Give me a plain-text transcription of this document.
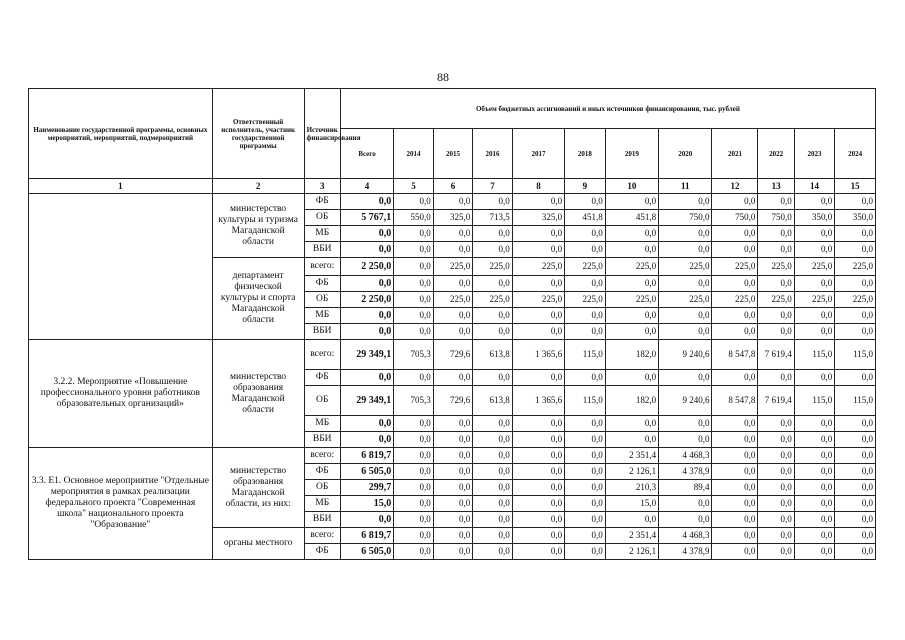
88
Наименование государственной программы, основных мероприятий, мероприятий, подмероприятий	Ответственный исполнитель, участник государственной программы	Источник финансирования	Объем бюджетных ассигнований и иных источников финансирования, тыс. рублей											
			Всего	2014	2015	2016	2017	2018	2019	2020	2021	2022	2023	2024
1	2	3	4	5	6	7	8	9	10	11	12	13	14	15
	министерство культуры и туризма Магаданской области	ФБ	0,0	0,0	0,0	0,0	0,0	0,0	0,0	0,0	0,0	0,0	0,0	0,0
		ОБ	5 767,1	550,0	325,0	713,5	325,0	451,8	451,8	750,0	750,0	750,0	350,0	350,0
		МБ	0,0	0,0	0,0	0,0	0,0	0,0	0,0	0,0	0,0	0,0	0,0	0,0
		ВБИ	0,0	0,0	0,0	0,0	0,0	0,0	0,0	0,0	0,0	0,0	0,0	0,0
	департамент физической культуры и спорта Магаданской области	всего:	2 250,0	0,0	225,0	225,0	225,0	225,0	225,0	225,0	225,0	225,0	225,0	225,0
		ФБ	0,0	0,0	0,0	0,0	0,0	0,0	0,0	0,0	0,0	0,0	0,0	0,0
		ОБ	2 250,0	0,0	225,0	225,0	225,0	225,0	225,0	225,0	225,0	225,0	225,0	225,0
		МБ	0,0	0,0	0,0	0,0	0,0	0,0	0,0	0,0	0,0	0,0	0,0	0,0
		ВБИ	0,0	0,0	0,0	0,0	0,0	0,0	0,0	0,0	0,0	0,0	0,0	0,0
3.2.2. Мероприятие «Повышение профессионального уровня работников образовательных организаций»	министерство образования Магаданской области	всего:	29 349,1	705,3	729,6	613,8	1 365,6	115,0	182,0	9 240,6	8 547,8	7 619,4	115,0	115,0
		ФБ	0,0	0,0	0,0	0,0	0,0	0,0	0,0	0,0	0,0	0,0	0,0	0,0
		ОБ	29 349,1	705,3	729,6	613,8	1 365,6	115,0	182,0	9 240,6	8 547,8	7 619,4	115,0	115,0
		МБ	0,0	0,0	0,0	0,0	0,0	0,0	0,0	0,0	0,0	0,0	0,0	0,0
		ВБИ	0,0	0,0	0,0	0,0	0,0	0,0	0,0	0,0	0,0	0,0	0,0	0,0
3.3. Е1. Основное мероприятие "Отдельные мероприятия в рамках реализации федерального проекта "Современная школа" национального проекта "Образование"	министерство образования Магаданской области, из них:	всего:	6 819,7	0,0	0,0	0,0	0,0	0,0	2 351,4	4 468,3	0,0	0,0	0,0	0,0
		ФБ	6 505,0	0,0	0,0	0,0	0,0	0,0	2 126,1	4 378,9	0,0	0,0	0,0	0,0
		ОБ	299,7	0,0	0,0	0,0	0,0	0,0	210,3	89,4	0,0	0,0	0,0	0,0
		МБ	15,0	0,0	0,0	0,0	0,0	0,0	15,0	0,0	0,0	0,0	0,0	0,0
		ВБИ	0,0	0,0	0,0	0,0	0,0	0,0	0,0	0,0	0,0	0,0	0,0	0,0
	органы местного	всего:	6 819,7	0,0	0,0	0,0	0,0	0,0	2 351,4	4 468,3	0,0	0,0	0,0	0,0
		ФБ	6 505,0	0,0	0,0	0,0	0,0	0,0	2 126,1	4 378,9	0,0	0,0	0,0	0,0
